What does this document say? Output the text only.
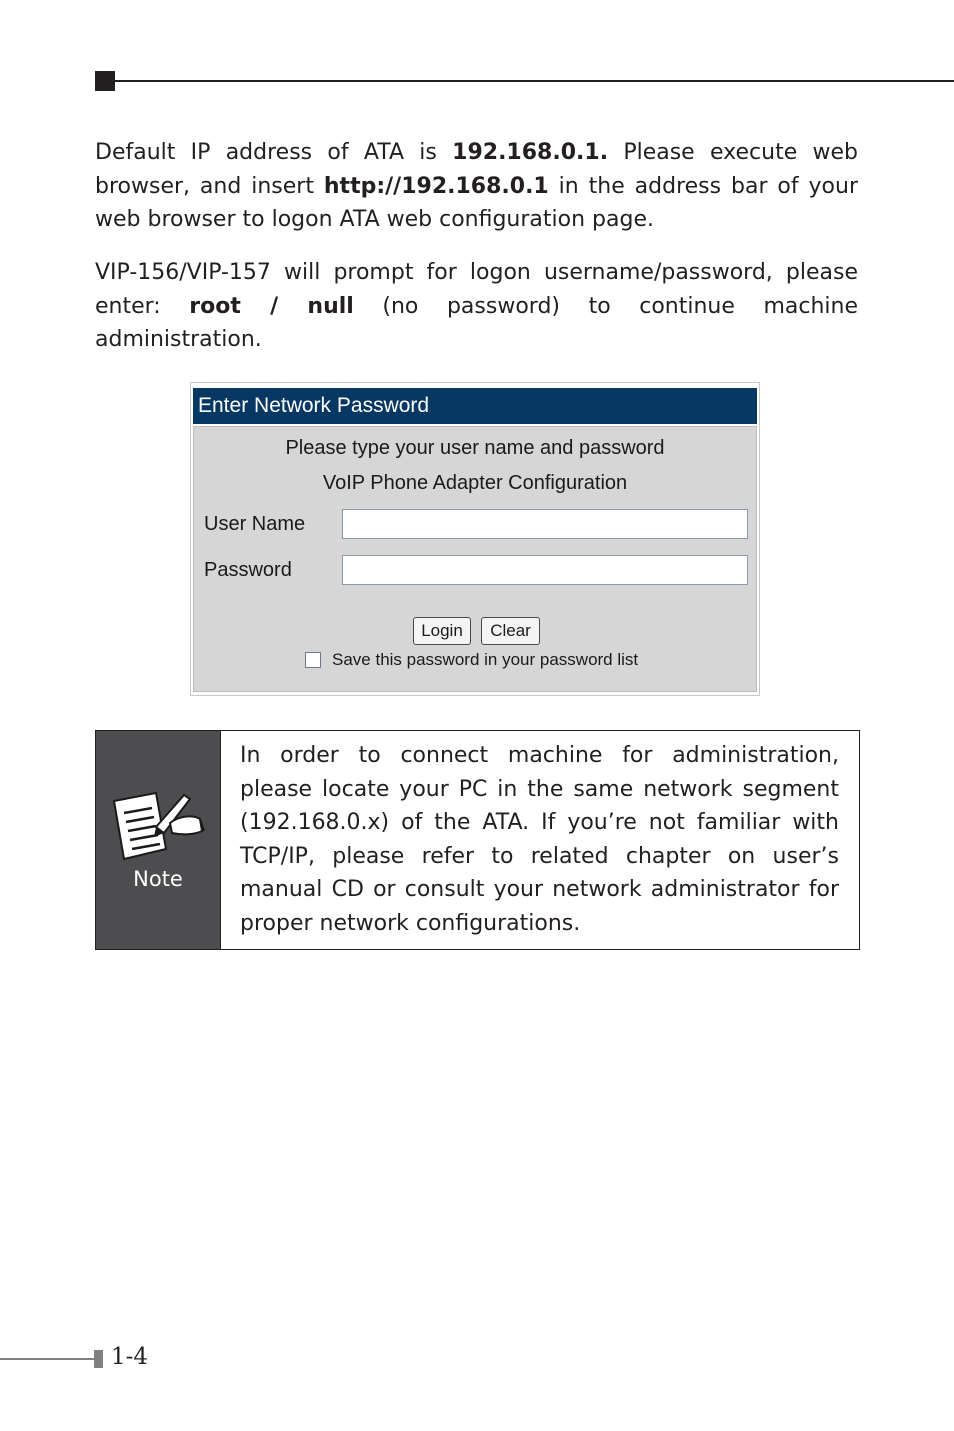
Default IP address of ATA is 192.168.0.1. Please execute web browser, and insert http://192.168.0.1 in the address bar of your web browser to logon ATA web configuration page.

VIP-156/VIP-157 will prompt for logon username/password, please enter: root / null (no password) to continue machine administration.

Enter Network Password
Please type your user name and password
VoIP Phone Adapter Configuration
User Name
Password
Login	Clear
Save this password in your password list
Note

In order to connect machine for administration, please locate your PC in the same network segment (192.168.0.x) of the ATA. If you’re not familiar with TCP/IP, please refer to related chapter on user’s manual CD or consult your network administrator for proper network configurations.

1-4
